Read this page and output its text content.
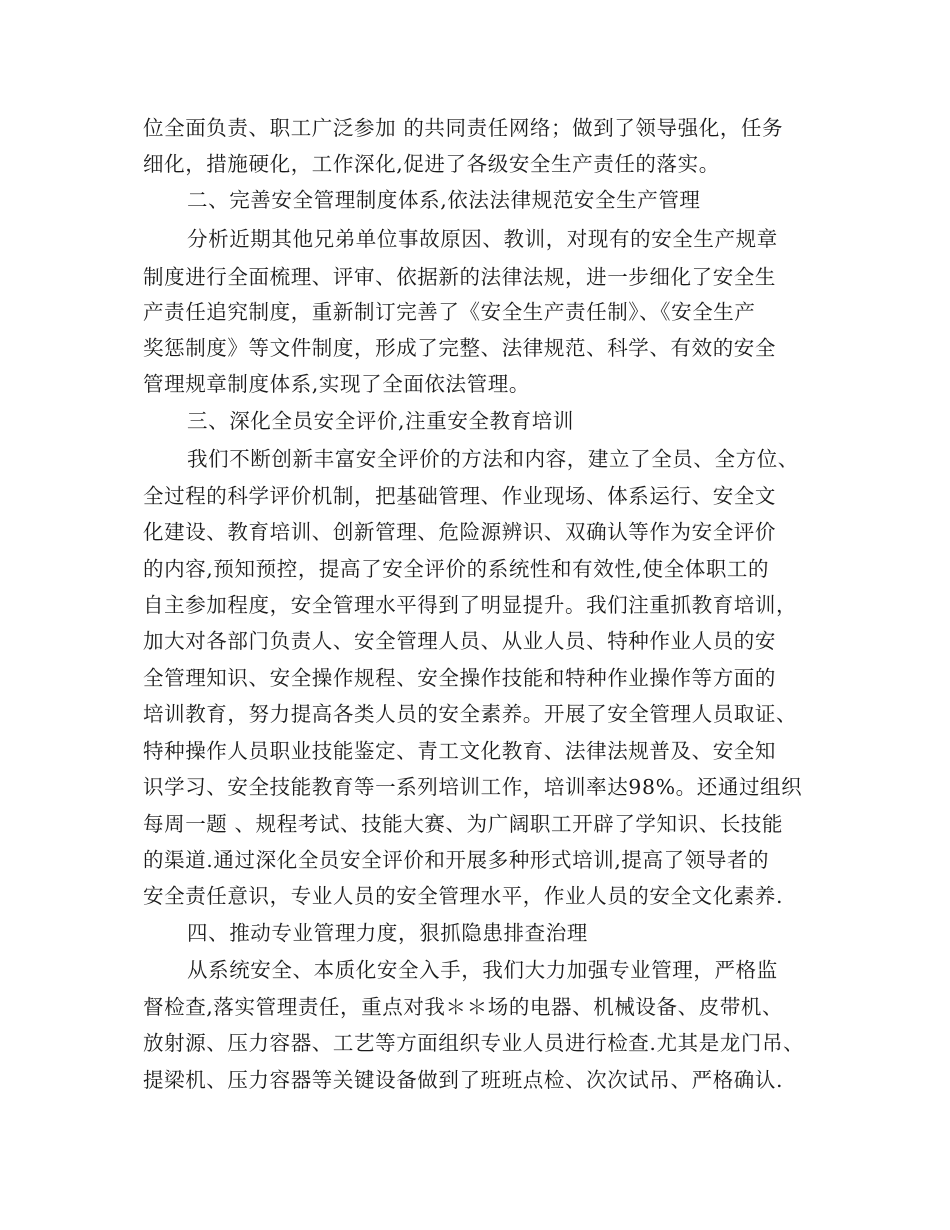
位全面负责、职工广泛参加 的共同责任网络；做到了领导强化，任务
细化，措施硬化，工作深化,促进了各级安全生产责任的落实。
二、完善安全管理制度体系,依法法律规范安全生产管理
分析近期其他兄弟单位事故原因、教训，对现有的安全生产规章
制度进行全面梳理、评审、依据新的法律法规，进一步细化了安全生
产责任追究制度，重新制订完善了《安全生产责任制》、《安全生产
奖惩制度》等文件制度，形成了完整、法律规范、科学、有效的安全
管理规章制度体系,实现了全面依法管理。
三、深化全员安全评价,注重安全教育培训
我们不断创新丰富安全评价的方法和内容，建立了全员、全方位、
全过程的科学评价机制，把基础管理、作业现场、体系运行、安全文
化建设、教育培训、创新管理、危险源辨识、双确认等作为安全评价
的内容,预知预控，提高了安全评价的系统性和有效性,使全体职工的
自主参加程度，安全管理水平得到了明显提升。我们注重抓教育培训，
加大对各部门负责人、安全管理人员、从业人员、特种作业人员的安
全管理知识、安全操作规程、安全操作技能和特种作业操作等方面的
培训教育，努力提高各类人员的安全素养。开展了安全管理人员取证、
特种操作人员职业技能鉴定、青工文化教育、法律法规普及、安全知
识学习、安全技能教育等一系列培训工作，培训率达98%。还通过组织
每周一题 、规程考试、技能大赛、为广阔职工开辟了学知识、长技能
的渠道.通过深化全员安全评价和开展多种形式培训,提高了领导者的
安全责任意识，专业人员的安全管理水平，作业人员的安全文化素养.
四、推动专业管理力度，狠抓隐患排查治理
从系统安全、本质化安全入手，我们大力加强专业管理，严格监
督检查,落实管理责任，重点对我＊＊场的电器、机械设备、皮带机、
放射源、压力容器、工艺等方面组织专业人员进行检查.尤其是龙门吊、
提梁机、压力容器等关键设备做到了班班点检、次次试吊、严格确认.
